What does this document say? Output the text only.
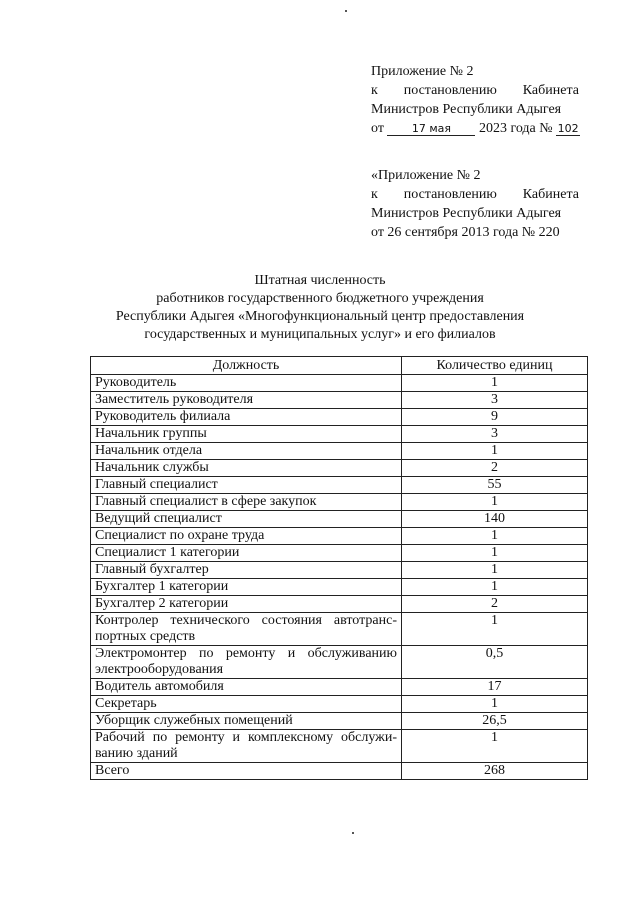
Приложение № 2
к постановлению Кабинета
Министров Республики Адыгея
от	17 мая 2023 года № 102
«Приложение № 2
к постановлению Кабинета
Министров Республики Адыгея
от 26 сентября 2013 года № 220
Штатная численность
работников государственного бюджетного учреждения
Республики Адыгея «Многофункциональный центр предоставления
государственных и муниципальных услуг» и его филиалов
Должность	Количество единиц

Руководитель	1

Заместитель руководителя	3

Руководитель филиала	9

Начальник группы	3

Начальник отдела	1

Начальник службы	2

Главный специалист	55

Главный специалист в сфере закупок	1

Ведущий специалист	140

Специалист по охране труда	1

Специалист 1 категории	1

Главный бухгалтер	1

Бухгалтер 1 категории	1

Бухгалтер 2 категории	2

Контролер технического состояния автотранс-портных средств	1

Электромонтер по ремонту и обслуживанию электрооборудования	0,5

Водитель автомобиля	17

Секретарь	1

Уборщик служебных помещений	26,5

Рабочий по ремонту и комплексному обслужи-ванию зданий	1

Всего	268
